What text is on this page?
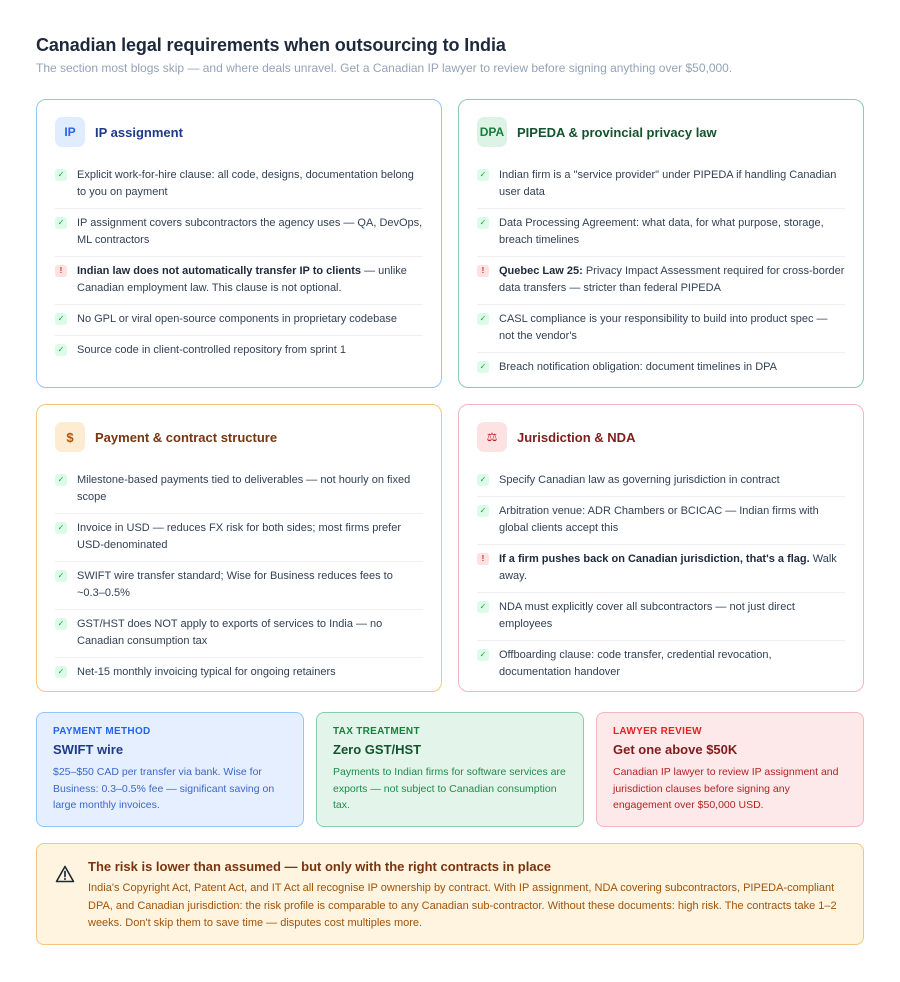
Canadian legal requirements when outsourcing to India

The section most blogs skip — and where deals unravel. Get a Canadian IP lawyer to review before signing anything over $50,000.

IP	IP assignment
✓ Explicit work-for-hire clause: all code, designs, documentation belong to you on payment
✓ IP assignment covers subcontractors the agency uses — QA, DevOps, ML contractors
!	Indian law does not automatically transfer IP to clients — unlike Canadian employment law. This clause is not optional.
✓ No GPL or viral open-source components in proprietary codebase
✓ Source code in client-controlled repository from sprint 1
DPA PIPEDA & provincial privacy law
✓ Indian firm is a "service provider" under PIPEDA if handling Canadian user data
✓ Data Processing Agreement: what data, for what purpose, storage, breach timelines
!	Quebec Law 25: Privacy Impact Assessment required for cross-border data transfers — stricter than federal PIPEDA
✓ CASL compliance is your responsibility to build into product spec — not the vendor's
✓ Breach notification obligation: document timelines in DPA
$	Payment & contract structure
✓ Milestone-based payments tied to deliverables — not hourly on fixed scope
✓ Invoice in USD — reduces FX risk for both sides; most firms prefer USD-denominated
✓ SWIFT wire transfer standard; Wise for Business reduces fees to ~0.3–0.5%
✓ GST/HST does NOT apply to exports of services to India — no Canadian consumption tax
✓ Net-15 monthly invoicing typical for ongoing retainers
⚖	Jurisdiction & NDA
✓ Specify Canadian law as governing jurisdiction in contract
✓ Arbitration venue: ADR Chambers or BCICAC — Indian firms with global clients accept this
!	If a firm pushes back on Canadian jurisdiction, that's a flag. Walk away.
✓ NDA must explicitly cover all subcontractors — not just direct employees
✓ Offboarding clause: code transfer, credential revocation, documentation handover
PAYMENT METHOD
SWIFT wire
$25–$50 CAD per transfer via bank. Wise for Business: 0.3–0.5% fee — significant saving on large monthly invoices.
TAX TREATMENT
Zero GST/HST
Payments to Indian firms for software services are exports — not subject to Canadian consumption tax.
LAWYER REVIEW
Get one above $50K
Canadian IP lawyer to review IP assignment and jurisdiction clauses before signing any engagement over $50,000 USD.
The risk is lower than assumed — but only with the right contracts in place
India's Copyright Act, Patent Act, and IT Act all recognise IP ownership by contract. With IP assignment, NDA covering subcontractors, PIPEDA-compliant DPA, and Canadian jurisdiction: the risk profile is comparable to any Canadian sub-contractor. Without these documents: high risk. The contracts take 1–2 weeks. Don't skip them to save time — disputes cost multiples more.
